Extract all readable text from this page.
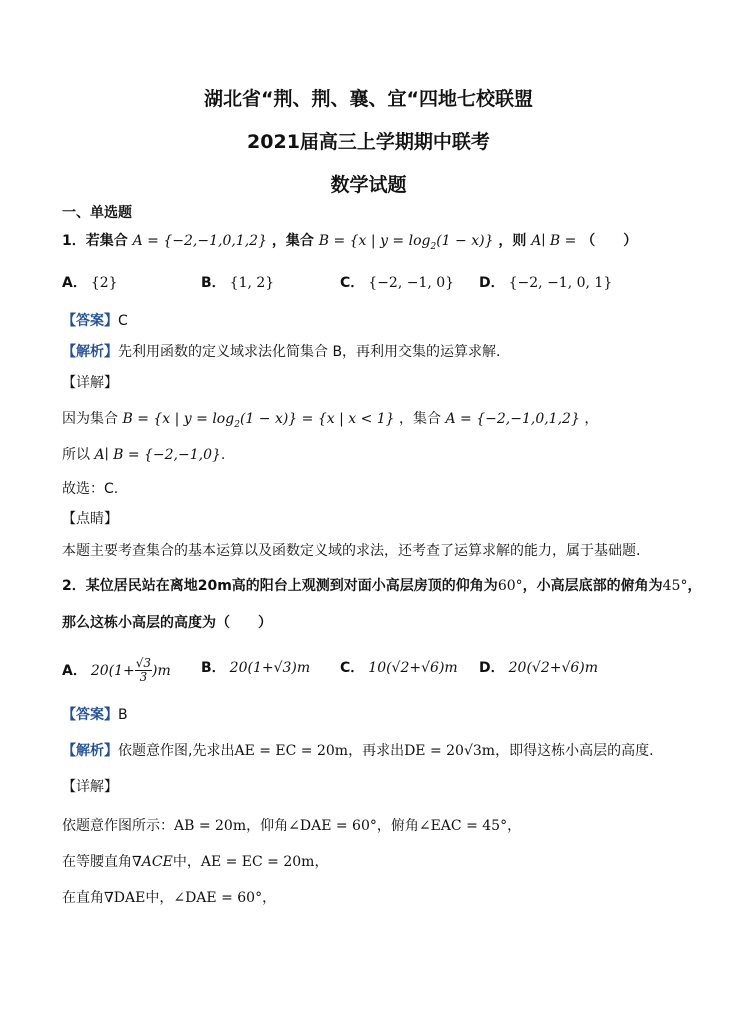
湖北省“荆、荆、襄、宜“四地七校联盟
2021届高三上学期期中联考
数学试题
一、单选题
1．若集合 A = {−2,−1,0,1,2} ，集合 B = {x | $y = \log_2(1 - x)$} ，则 A∣ B = （　　）
A． {2}	B． {1, 2}	C． {−2, −1, 0} D． {−2, −1, 0, 1}
【答案】C
【解析】先利用函数的定义域求法化简集合 B，再利用交集的运算求解.
【详解】
因为集合 B = {x | $y = \log_2(1 - x)\} = \{x$ | x < 1} ，集合 A = {−2,−1,0,1,2} ，
所以 A∣ B = {−2,−1,0}.
故选：C.
【点睛】
本题主要考查集合的基本运算以及函数定义域的求法，还考查了运算求解的能力，属于基础题.
2．某位居民站在离地20m高的阳台上观测到对面小高层房顶的仰角为60°，小高层底部的俯角为45°，
那么这栋小高层的高度为（　　）
A． $20(1+ \frac{√3}{3} )m$ B． 20(1+√3)m C． 10(√2+√6)m D． 20(√2+√6)m
【答案】B
【解析】依题意作图,先求出AE = EC = 20m，再求出DE = 20√3m，即得这栋小高层的高度.
【详解】
依题意作图所示：AB = 20m，仰角∠DAE = 60°，俯角∠EAC = 45°，
在等腰直角∇ACE中，AE = EC = 20m，
在直角∇DAE中，∠DAE = 60°，
